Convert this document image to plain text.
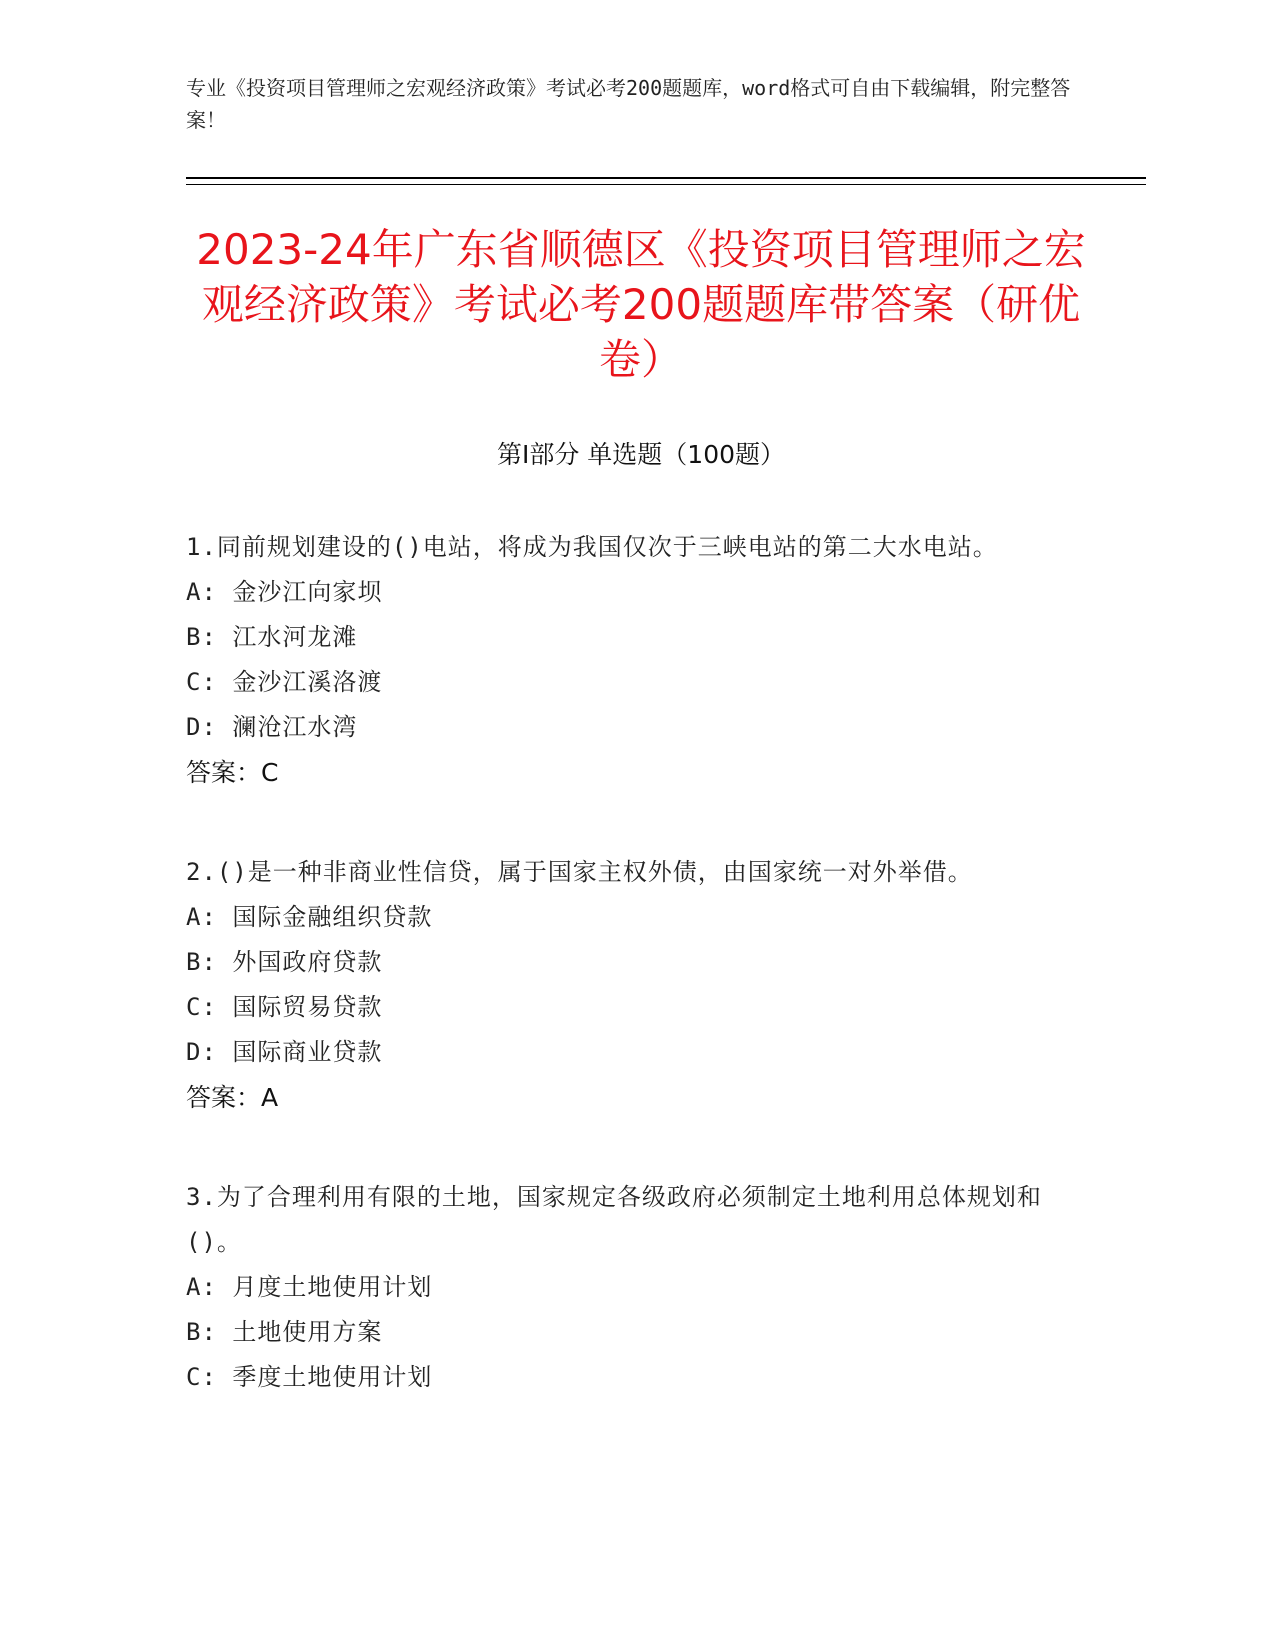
专业《投资项目管理师之宏观经济政策》考试必考200题题库，word格式可自由下载编辑，附完整答案！

2023-24年广东省顺德区《投资项目管理师之宏观经济政策》考试必考200题题库带答案（研优卷）
第I部分 单选题（100题）

1.同前规划建设的()电站，将成为我国仅次于三峡电站的第二大水电站。

A: 金沙江向家坝

B: 江水河龙滩

C: 金沙江溪洛渡

D: 澜沧江水湾

答案：C

2.()是一种非商业性信贷，属于国家主权外债，由国家统一对外举借。

A: 国际金融组织贷款

B: 外国政府贷款

C: 国际贸易贷款

D: 国际商业贷款

答案：A

3.为了合理利用有限的土地，国家规定各级政府必须制定土地利用总体规划和()。

A: 月度土地使用计划

B: 土地使用方案

C: 季度土地使用计划
